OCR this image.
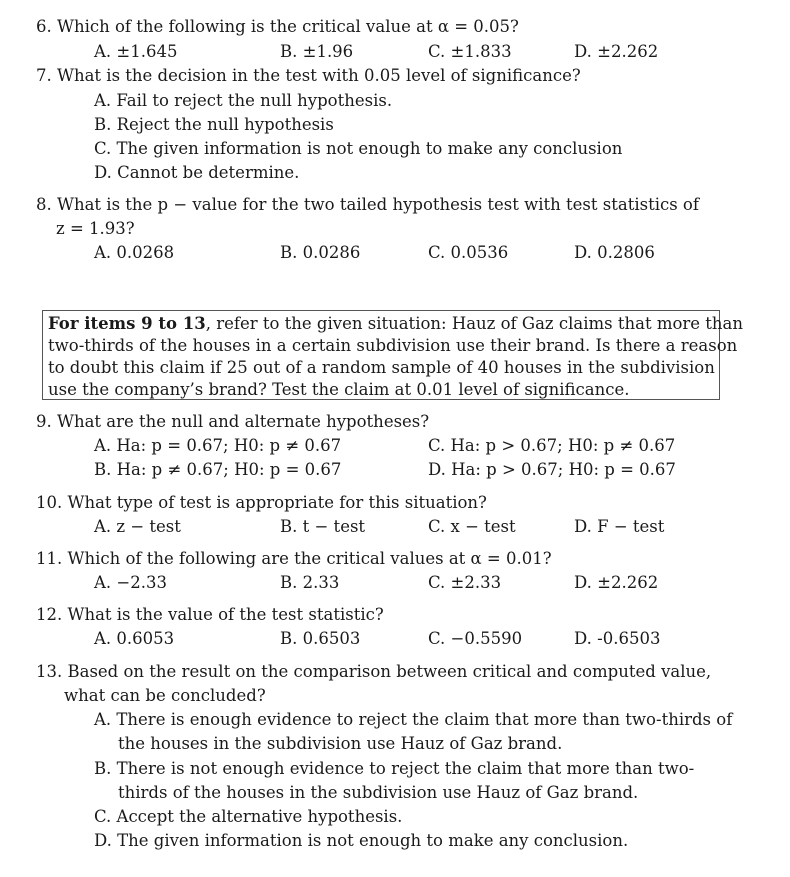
6. Which of the following is the critical value at α = 0.05?
A. ±1.645	B. ±1.96	C. ±1.833	D. ±2.262
7. What is the decision in the test with 0.05 level of significance?
A. Fail to reject the null hypothesis.
B. Reject the null hypothesis
C. The given information is not enough to make any conclusion
D. Cannot be determine.
8. What is the p − value for the two tailed hypothesis test with test statistics of
z = 1.93?
A. 0.0268	B. 0.0286	C. 0.0536	D. 0.2806
For items 9 to 13, refer to the given situation: Hauz of Gaz claims that more than
two-thirds of the houses in a certain subdivision use their brand. Is there a reason
to doubt this claim if 25 out of a random sample of 40 houses in the subdivision
use the company’s brand? Test the claim at 0.01 level of significance.
9. What are the null and alternate hypotheses?
A. Ha: p = 0.67; H0: p ≠ 0.67
B. Ha: p ≠ 0.67; H0: p = 0.67
C. Ha: p > 0.67; H0: p ≠ 0.67
D. Ha: p > 0.67; H0: p = 0.67
10. What type of test is appropriate for this situation?
A. z − test	B. t − test	C. x − test	D. F − test
11. Which of the following are the critical values at α = 0.01?
A. −2.33	B. 2.33	C. ±2.33	D. ±2.262
12. What is the value of the test statistic?
A. 0.6053	B. 0.6503	C. −0.5590	D. -0.6503
13. Based on the result on the comparison between critical and computed value,
what can be concluded?
A. There is enough evidence to reject the claim that more than two-thirds of
the houses in the subdivision use Hauz of Gaz brand.
B. There is not enough evidence to reject the claim that more than two-
thirds of the houses in the subdivision use Hauz of Gaz brand.
C. Accept the alternative hypothesis.
D. The given information is not enough to make any conclusion.
